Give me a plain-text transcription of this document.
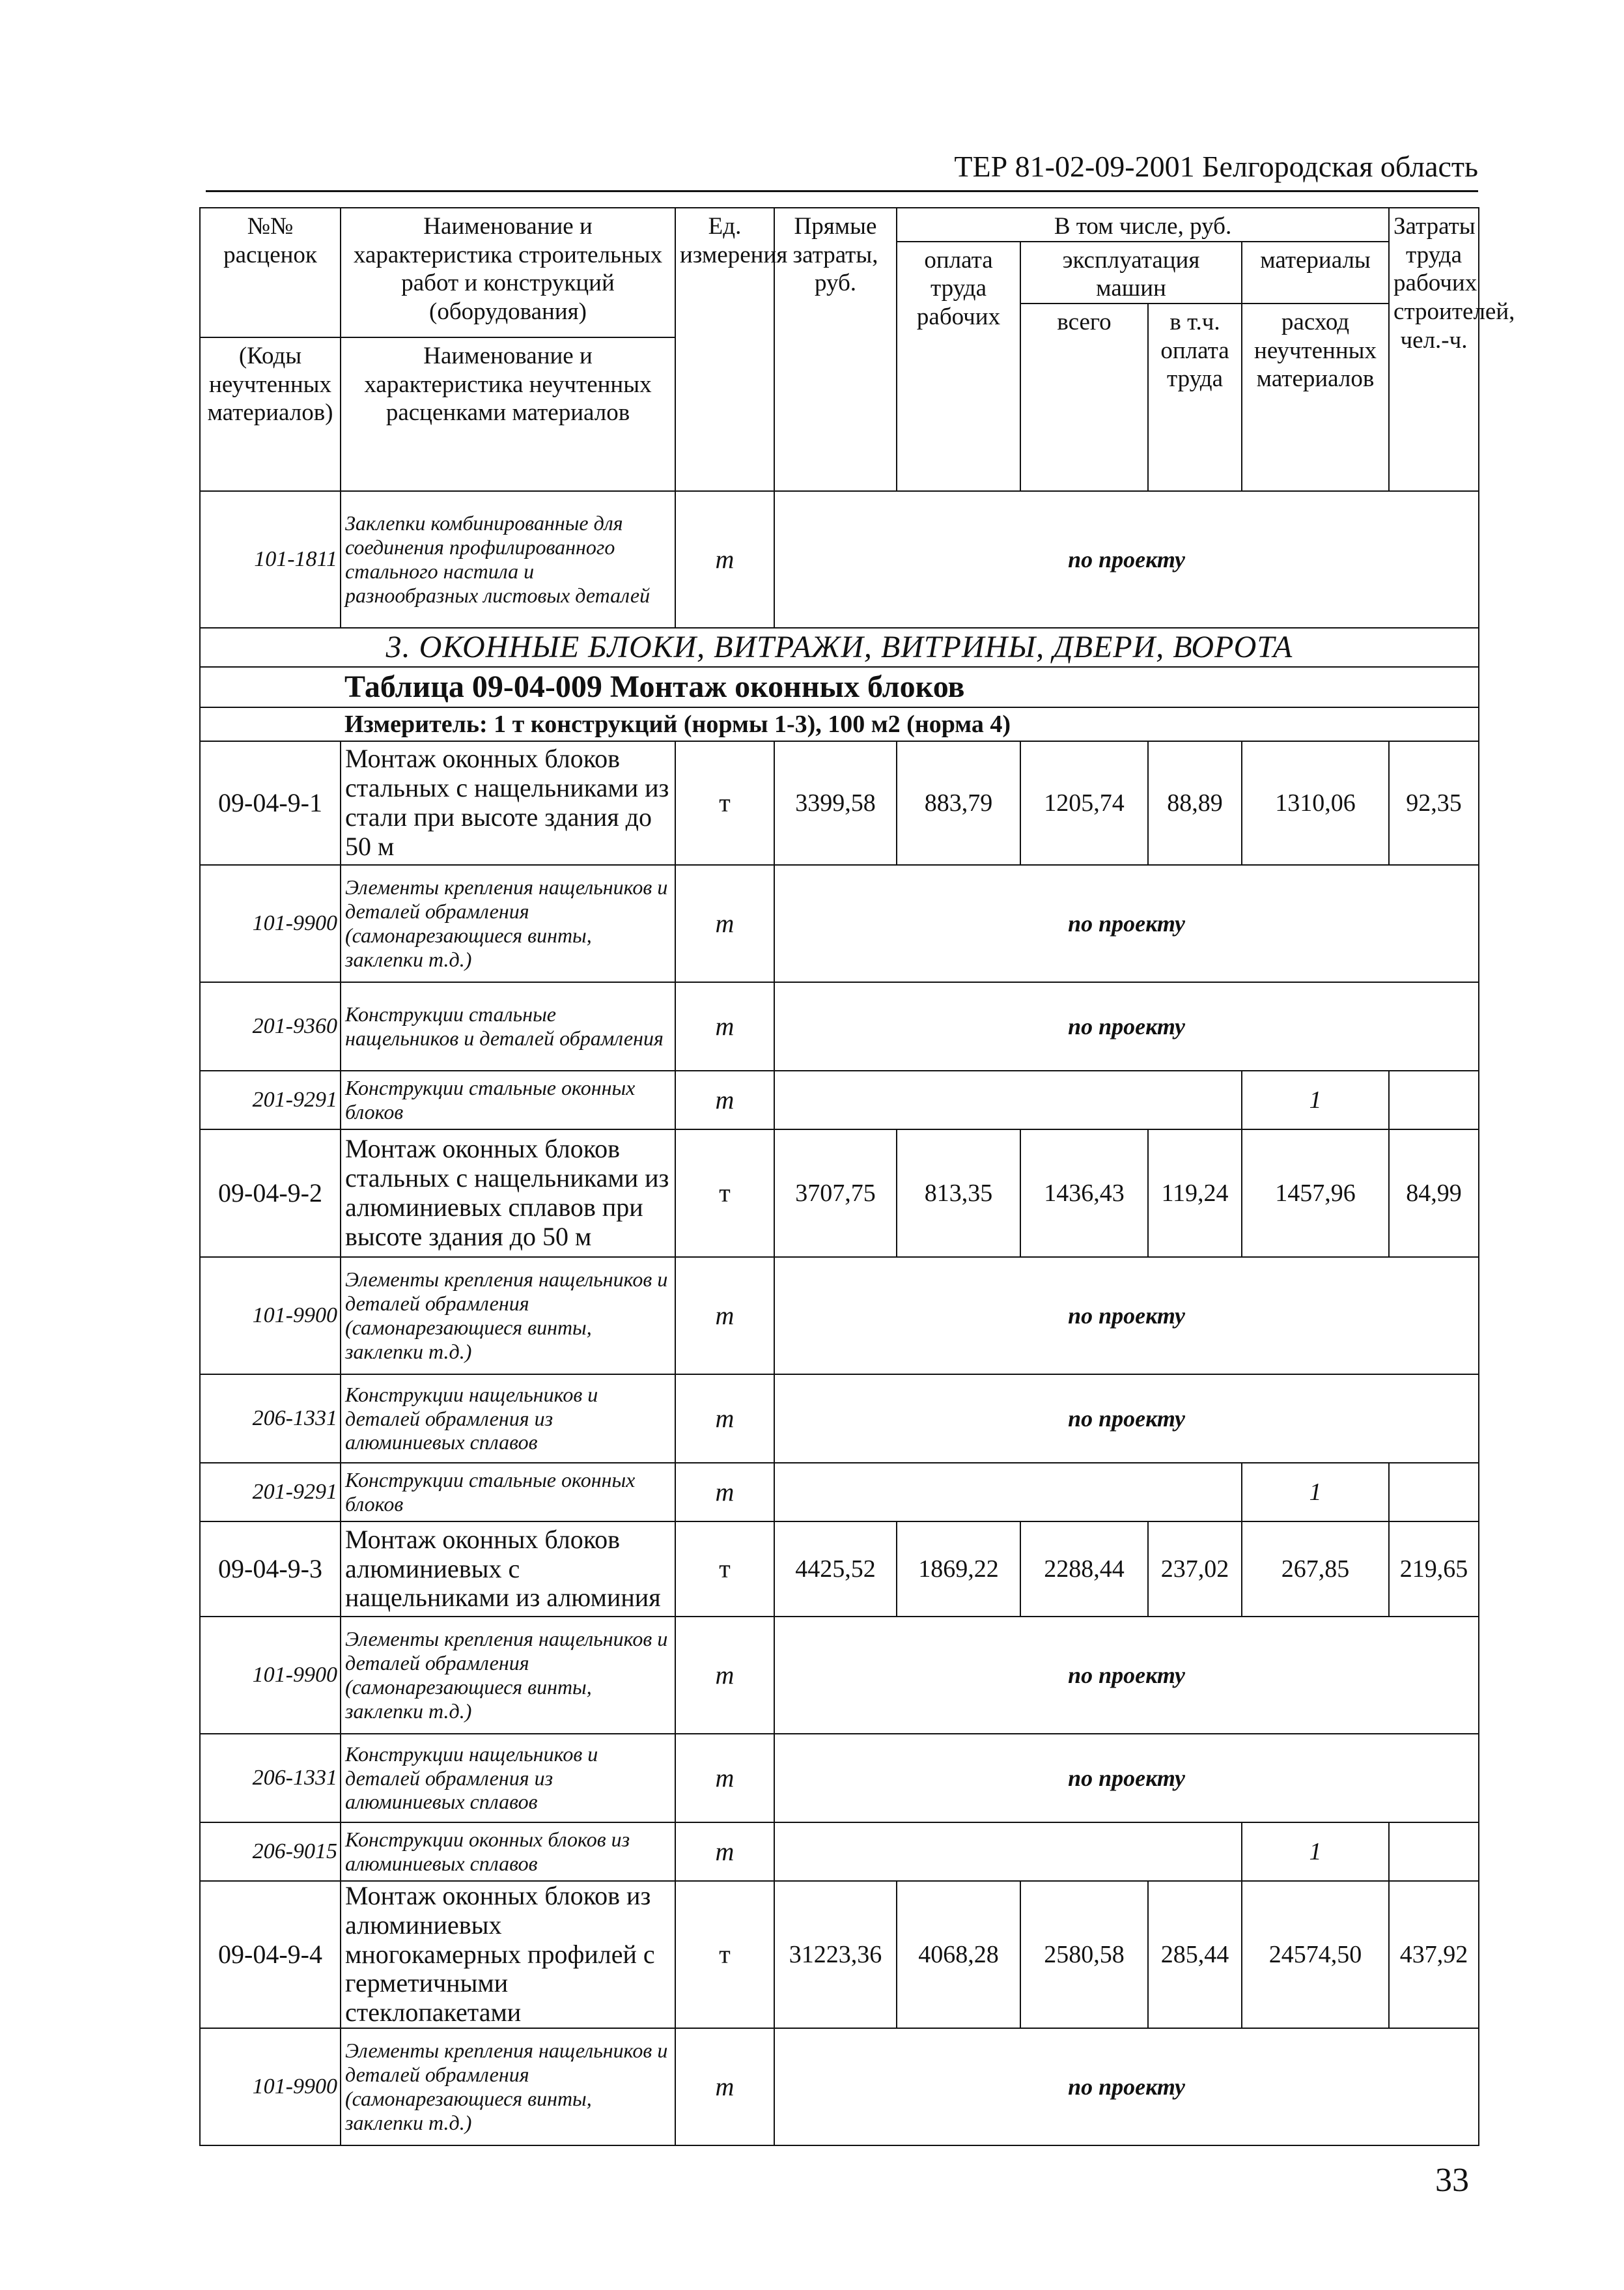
ТЕР 81-02-09-2001 Белгородская область
№№ расценок	Наименование и характеристика строительных работ и конструкций (оборудования)	Ед. измерения	Прямые затраты, руб.	В том числе, руб.				Затраты труда рабочих строителей, чел.-ч.
				оплата труда рабочих	эксплуатация машин		материалы	
					всего	в т.ч. оплата труда	расход неучтенных материалов	
(Коды неучтенных материалов)	Наименование и характеристика неучтенных расценками материалов							
101-1811	Заклепки комбинированные для соединения профилированного стального настила и разнообразных листовых деталей	т	по проекту					
3. ОКОННЫЕ БЛОКИ, ВИТРАЖИ, ВИТРИНЫ, ДВЕРИ, ВОРОТА								
	Таблица 09-04-009 Монтаж оконных блоков							
	Измеритель: 1 т конструкций (нормы 1-3), 100 м2 (норма 4)							
09-04-9-1	Монтаж оконных блоков стальных с нащельниками из стали при высоте здания до 50 м	т	3399,58	883,79	1205,74	88,89	1310,06	92,35
101-9900	Элементы крепления нащельников и деталей обрамления (самонарезающиеся винты, заклепки т.д.)	т	по проекту					
201-9360	Конструкции стальные нащельников и деталей обрамления	т	по проекту					
201-9291	Конструкции стальные оконных блоков	т					1	
09-04-9-2	Монтаж оконных блоков стальных с нащельниками из алюминиевых сплавов при высоте здания до 50 м	т	3707,75	813,35	1436,43	119,24	1457,96	84,99
101-9900	Элементы крепления нащельников и деталей обрамления (самонарезающиеся винты, заклепки т.д.)	т	по проекту					
206-1331	Конструкции нащельников и деталей обрамления из алюминиевых сплавов	т	по проекту					
201-9291	Конструкции стальные оконных блоков	т					1	
09-04-9-3	Монтаж оконных блоков алюминиевых с нащельниками из алюминия	т	4425,52	1869,22	2288,44	237,02	267,85	219,65
101-9900	Элементы крепления нащельников и деталей обрамления (самонарезающиеся винты, заклепки т.д.)	т	по проекту					
206-1331	Конструкции нащельников и деталей обрамления из алюминиевых сплавов	т	по проекту					
206-9015	Конструкции оконных блоков из алюминиевых сплавов	т					1	
09-04-9-4	Монтаж оконных блоков из алюминиевых многокамерных профилей с герметичными стеклопакетами	т	31223,36	4068,28	2580,58	285,44	24574,50	437,92
101-9900	Элементы крепления нащельников и деталей обрамления (самонарезающиеся винты, заклепки т.д.)	т	по проекту					
33
